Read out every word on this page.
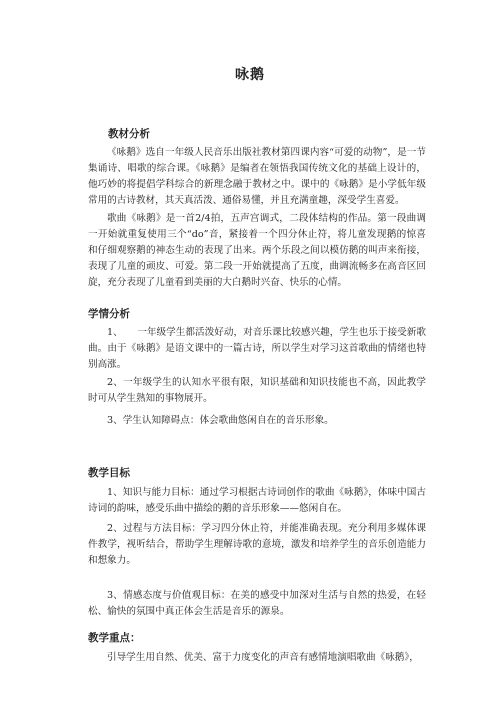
咏鹅
教材分析

《咏鹅》选自一年级人民音乐出版社教材第四课内容“可爱的动物”，是一节集诵诗、唱歌的综合课。《咏鹅》是编者在领悟我国传统文化的基础上设计的，他巧妙的将提倡学科综合的新理念融于教材之中。课中的《咏鹅》是小学低年级常用的古诗教材，其天真活泼、通俗易懂，并且充满童趣，深受学生喜爱。

歌曲《咏鹅》是一首2/4拍，五声宫调式，二段体结构的作品。第一段曲调一开始就重复使用三个“do”音，紧接着一个四分休止符，将儿童发现鹅的惊喜和仔细观察鹅的神态生动的表现了出来。两个乐段之间以模仿鹅的叫声来衔接，表现了儿童的顽皮、可爱。第二段一开始就提高了五度，曲调流畅多在高音区回旋，充分表现了儿童看到美丽的大白鹅时兴奋、快乐的心情。

学情分析

1、　　一年级学生都活泼好动，对音乐课比较感兴趣，学生也乐于接受新歌曲。由于《咏鹅》是语文课中的一篇古诗，所以学生对学习这首歌曲的情绪也特别高涨。

2、一年级学生的认知水平很有限，知识基础和知识技能也不高，因此教学时可从学生熟知的事物展开。

3、学生认知障碍点：体会歌曲悠闲自在的音乐形象。

教学目标

1、知识与能力目标：通过学习根据古诗词创作的歌曲《咏鹅》，体味中国古诗词的韵味，感受乐曲中描绘的鹅的音乐形象——悠闲自在。

2、过程与方法目标：学习四分休止符，并能准确表现。充分利用多媒体课件教学，视听结合，帮助学生理解诗歌的意境，激发和培养学生的音乐创造能力和想象力。

3、情感态度与价值观目标：在美的感受中加深对生活与自然的热爱，在轻松、愉快的氛围中真正体会生活是音乐的源泉。

教学重点：

引导学生用自然、优美、富于力度变化的声音有感情地演唱歌曲《咏鹅》，
